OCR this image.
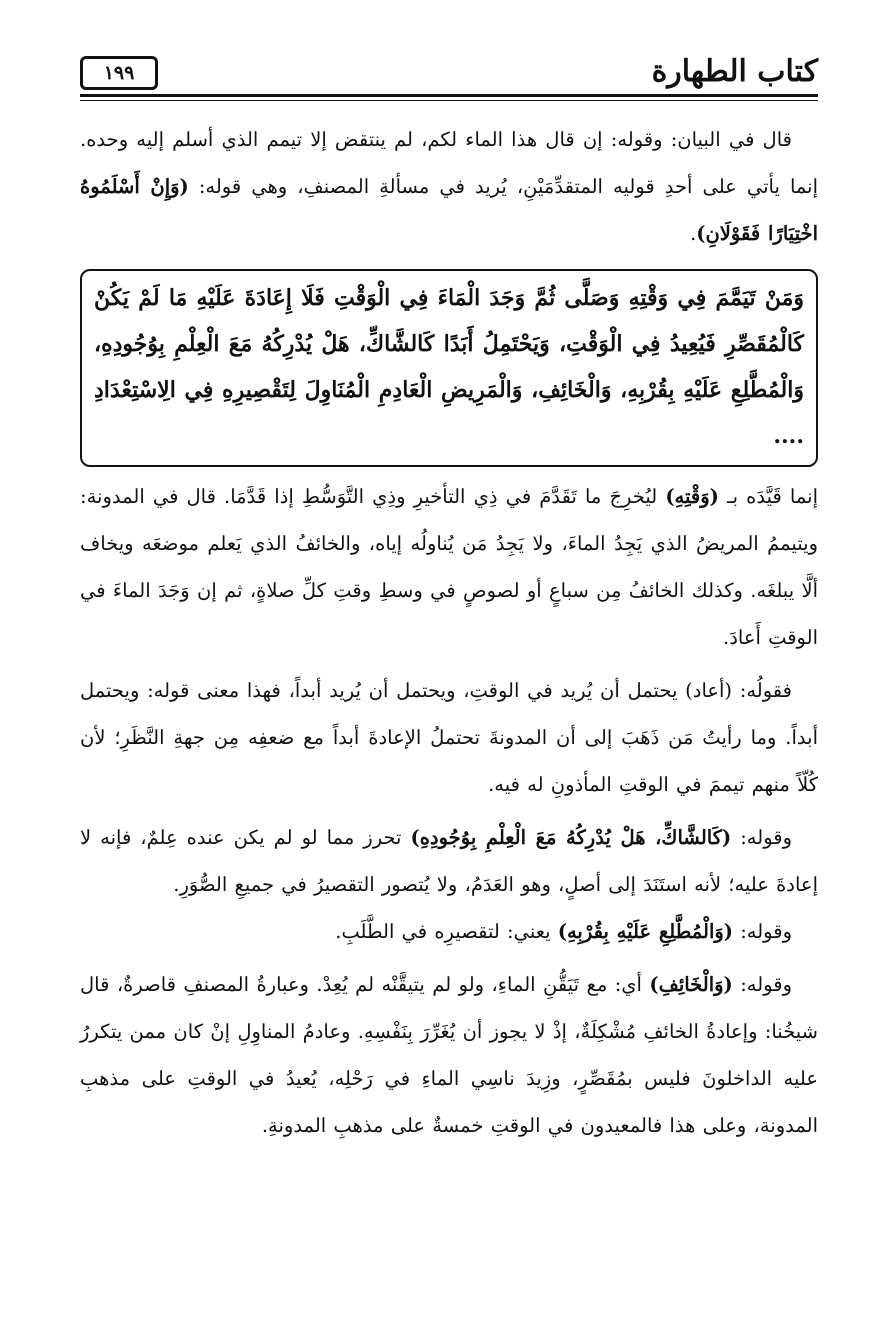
كتاب الطهارة
١٩٩

قال في البيان: وقوله: إن قال هذا الماء لكم، لم ينتقض إلا تيمم الذي أسلم إليه وحده. إنما يأتي على أحدِ قوليه المتقدِّمَيْنِ، يُريد في مسألةِ المصنفِ، وهي قوله: (وَإِنْ أَسْلَمُوهُ اخْتِيَارًا فَقَوْلَانِ).

وَمَنْ تَيَمَّمَ فِي وَقْتِهِ وَصَلَّى ثُمَّ وَجَدَ الْمَاءَ فِي الْوَقْتِ فَلَا إِعَادَةَ عَلَيْهِ مَا لَمْ يَكُنْ كَالْمُقَصِّرِ فَيُعِيدُ فِي الْوَقْتِ، وَيَحْتَمِلُ أَبَدًا كَالشَّاكِّ، هَلْ يُدْرِكُهُ مَعَ الْعِلْمِ بِوُجُودِهِ، وَالْمُطَّلِعِ عَلَيْهِ بِقُرْبِهِ، وَالْخَائِفِ، وَالْمَرِيضِ الْعَادِمِ الْمُنَاوِلَ لِتَقْصِيرِهِ فِي الِاسْتِعْدَادِ ....

إنما قَيَّدَه بـ (وَقْتِهِ) ليُخرِجَ ما تَقَدَّمَ في ذِي التأخيرِ وذِي التَّوَسُّطِ إذا قَدَّمَا. قال في المدونة: ويتيممُ المريضُ الذي يَجِدُ الماءَ، ولا يَجِدُ مَن يُناولُه إياه، والخائفُ الذي يَعلم موضعَه ويخاف ألَّا يبلغَه. وكذلك الخائفُ مِن سباعٍ أو لصوصٍ في وسطِ وقتِ كلِّ صلاةٍ، ثم إن وَجَدَ الماءَ في الوقتِ أَعادَ.

فقولُه: (أعاد) يحتمل أن يُريد في الوقتِ، ويحتمل أن يُريد أبداً، فهذا معنى قوله: ويحتمل أبداً. وما رأيتُ مَن ذَهَبَ إلى أن المدونةَ تحتملُ الإعادةَ أبداً مع ضعفِه مِن جهةِ النَّظَرِ؛ لأن كُلّاً منهم تيممَ في الوقتِ المأذونِ له فيه.

وقوله: (كَالشَّاكِّ، هَلْ يُدْرِكُهُ مَعَ الْعِلْمِ بِوُجُودِهِ) تحرز مما لو لم يكن عنده عِلمٌ، فإنه لا إعادةَ عليه؛ لأنه استَنَدَ إلى أصلٍ، وهو العَدَمُ، ولا يُتصور التقصيرُ في جميعِ الصُّوَرِ.

وقوله: (وَالْمُطَّلِعِ عَلَيْهِ بِقُرْبِهِ) يعني: لتقصيرِه في الطَّلَبِ.

وقوله: (وَالْخَائِفِ) أي: مع تَيَقُّنِ الماءِ، ولو لم يتيقَّنْه لم يُعِدْ. وعبارةُ المصنفِ قاصرةٌ، قال شيخُنا: وإعادةُ الخائفِ مُشْكِلَةٌ، إذْ لا يجوز أن يُغَرِّرَ بِنَفْسِهِ. وعادمُ المناوِلِ إنْ كان ممن يتكررُ عليه الداخلونَ فليس بمُقَصِّرٍ، وزِيدَ ناسِي الماءِ في رَحْلِه، يُعيدُ في الوقتِ على مذهبِ المدونة، وعلى هذا فالمعيدون في الوقتِ خمسةٌ على مذهبِ المدونةِ.
